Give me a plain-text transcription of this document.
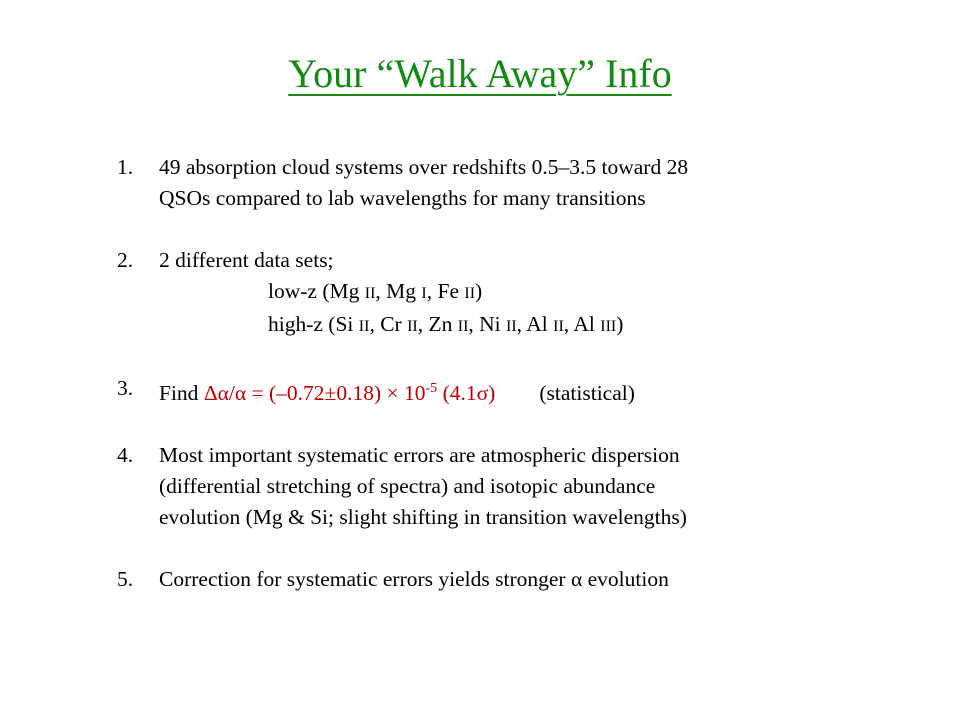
Your “Walk Away” Info
1. 49 absorption cloud systems over redshifts 0.5–3.5 toward 28
QSOs compared to lab wavelengths for many transitions
2. 2 different data sets;
low-z (Mg II, Mg I, Fe II)
high-z (Si II, Cr II, Zn II, Ni II, Al II, Al III)
3. Find $\Delta\alpha/\alpha = (-0.72\pm 0.18) \times 10^{-5}$ (4.1σ) (statistical)
4. Most important systematic errors are atmospheric dispersion
(differential stretching of spectra) and isotopic abundance
evolution (Mg & Si; slight shifting in transition wavelengths)
5. Correction for systematic errors yields stronger α evolution
